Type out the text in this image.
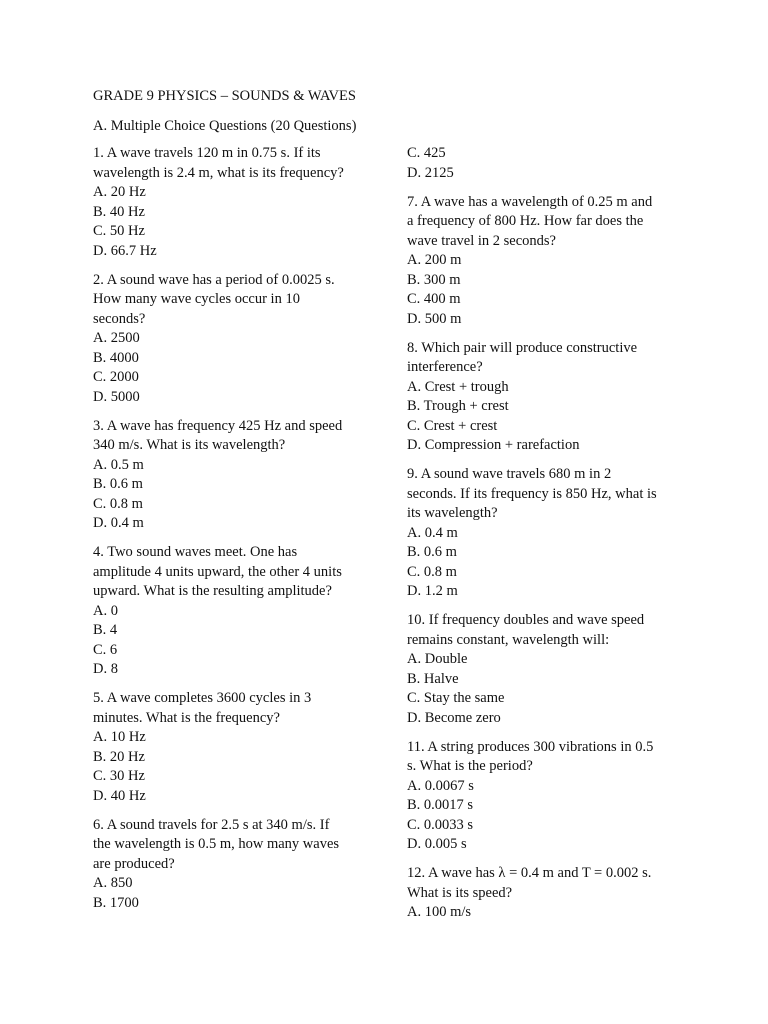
GRADE 9 PHYSICS – SOUNDS & WAVES
A. Multiple Choice Questions (20 Questions)
1. A wave travels 120 m in 0.75 s. If its
wavelength is 2.4 m, what is its frequency?
A. 20 Hz
B. 40 Hz
C. 50 Hz
D. 66.7 Hz
2. A sound wave has a period of 0.0025 s.
How many wave cycles occur in 10
seconds?
A. 2500
B. 4000
C. 2000
D. 5000
3. A wave has frequency 425 Hz and speed
340 m/s. What is its wavelength?
A. 0.5 m
B. 0.6 m
C. 0.8 m
D. 0.4 m
4. Two sound waves meet. One has
amplitude 4 units upward, the other 4 units
upward. What is the resulting amplitude?
A. 0
B. 4
C. 6
D. 8
5. A wave completes 3600 cycles in 3
minutes. What is the frequency?
A. 10 Hz
B. 20 Hz
C. 30 Hz
D. 40 Hz
6. A sound travels for 2.5 s at 340 m/s. If
the wavelength is 0.5 m, how many waves
are produced?
A. 850
B. 1700
C. 425
D. 2125
7. A wave has a wavelength of 0.25 m and
a frequency of 800 Hz. How far does the
wave travel in 2 seconds?
A. 200 m
B. 300 m
C. 400 m
D. 500 m
8. Which pair will produce constructive
interference?
A. Crest + trough
B. Trough + crest
C. Crest + crest
D. Compression + rarefaction
9. A sound wave travels 680 m in 2
seconds. If its frequency is 850 Hz, what is
its wavelength?
A. 0.4 m
B. 0.6 m
C. 0.8 m
D. 1.2 m
10. If frequency doubles and wave speed
remains constant, wavelength will:
A. Double
B. Halve
C. Stay the same
D. Become zero
11. A string produces 300 vibrations in 0.5
s. What is the period?
A. 0.0067 s
B. 0.0017 s
C. 0.0033 s
D. 0.005 s
12. A wave has λ = 0.4 m and T = 0.002 s.
What is its speed?
A. 100 m/s
